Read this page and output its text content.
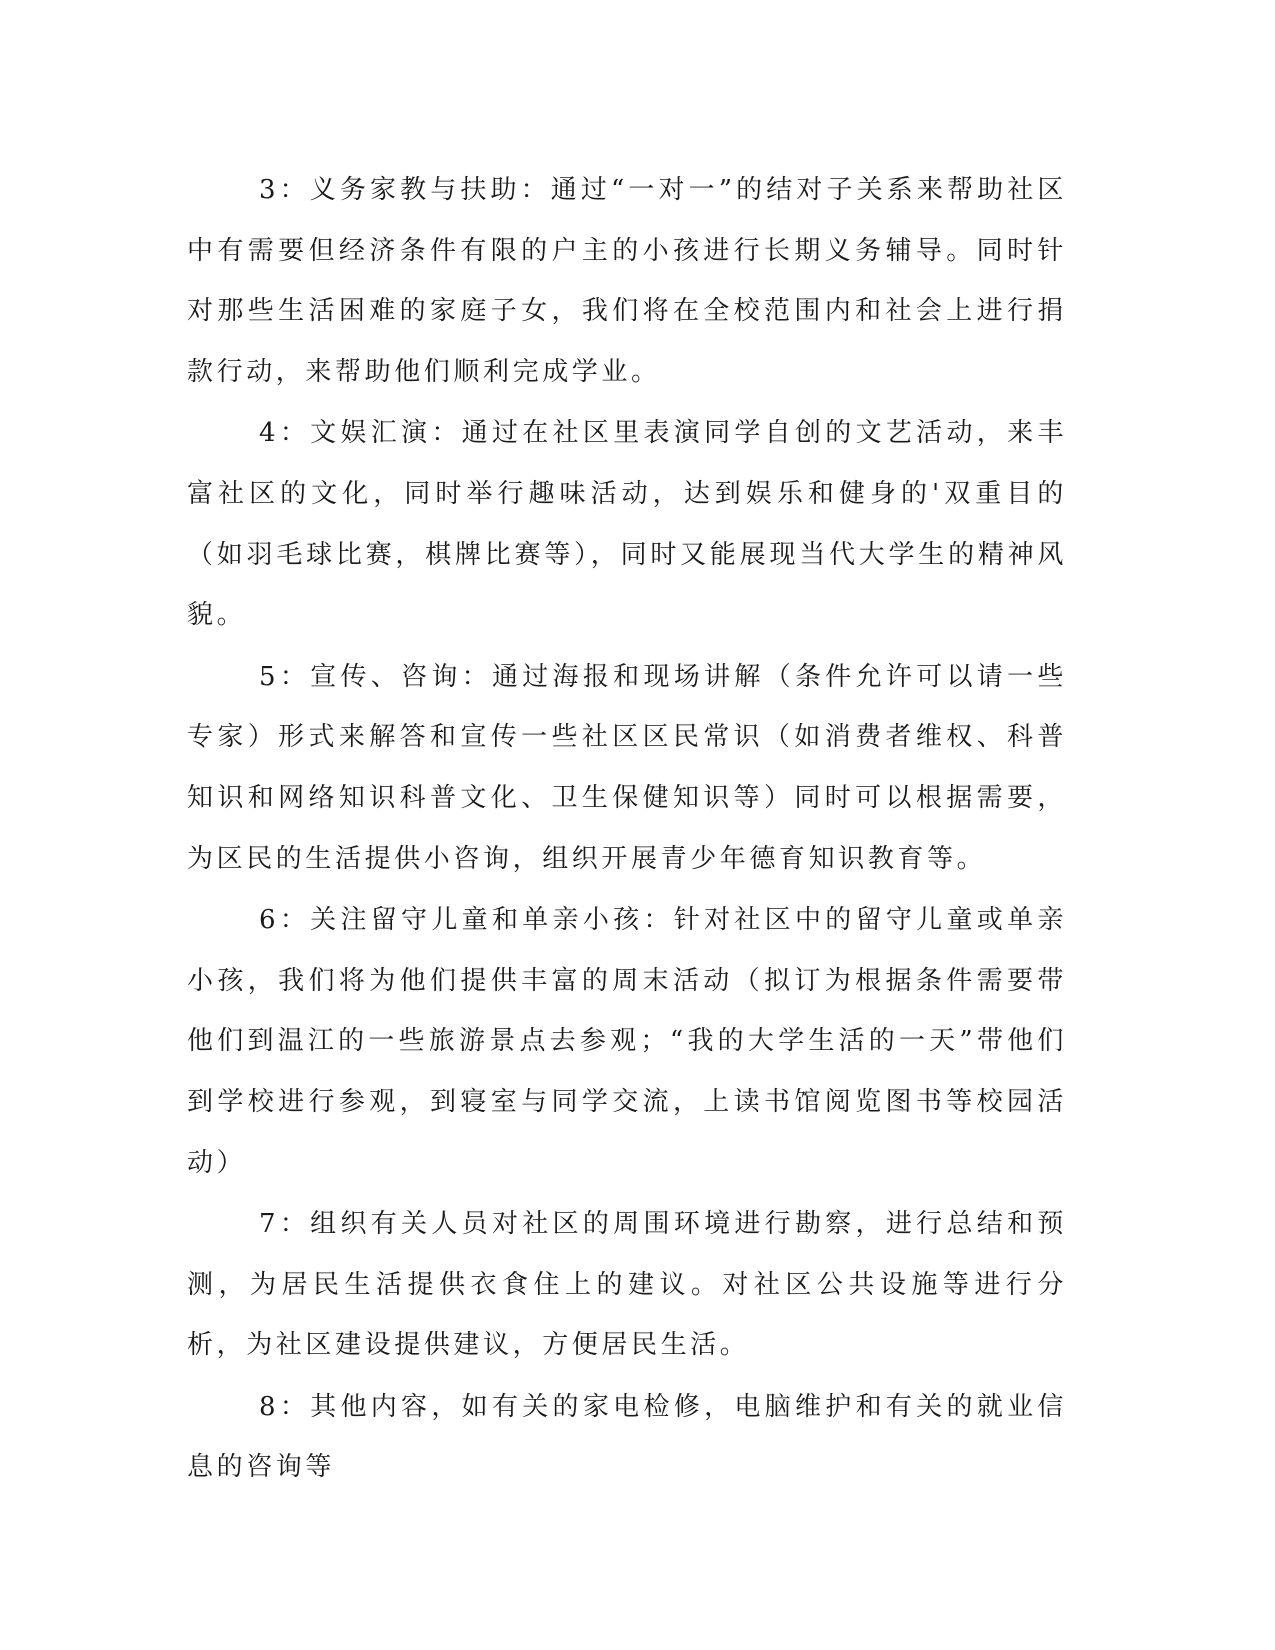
3：义务家教与扶助：通过“一对一”的结对子关系来帮助社区中有需要但经济条件有限的户主的小孩进行长期义务辅导。同时针对那些生活困难的家庭子女，我们将在全校范围内和社会上进行捐款行动，来帮助他们顺利完成学业。

4：文娱汇演：通过在社区里表演同学自创的文艺活动，来丰富社区的文化，同时举行趣味活动，达到娱乐和健身的'双重目的（如羽毛球比赛，棋牌比赛等），同时又能展现当代大学生的精神风貌。

5：宣传、咨询：通过海报和现场讲解（条件允许可以请一些专家）形式来解答和宣传一些社区区民常识（如消费者维权、科普知识和网络知识科普文化、卫生保健知识等）同时可以根据需要，为区民的生活提供小咨询，组织开展青少年德育知识教育等。

6：关注留守儿童和单亲小孩：针对社区中的留守儿童或单亲小孩，我们将为他们提供丰富的周末活动（拟订为根据条件需要带他们到温江的一些旅游景点去参观；“我的大学生活的一天”带他们到学校进行参观，到寝室与同学交流，上读书馆阅览图书等校园活动）

7：组织有关人员对社区的周围环境进行勘察，进行总结和预测，为居民生活提供衣食住上的建议。对社区公共设施等进行分析，为社区建设提供建议，方便居民生活。

8：其他内容，如有关的家电检修，电脑维护和有关的就业信息的咨询等
